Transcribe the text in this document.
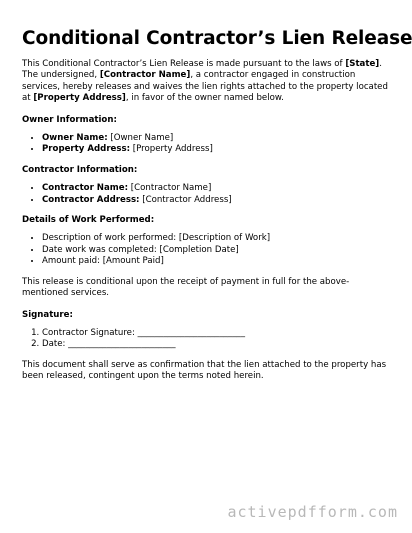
Conditional Contractor’s Lien Release

This Conditional Contractor’s Lien Release is made pursuant to the laws of [State]. The undersigned, [Contractor Name], a contractor engaged in construction services, hereby releases and waives the lien rights attached to the property located at [Property Address], in favor of the owner named below.

Owner Information:
• Owner Name: [Owner Name]
• Property Address: [Property Address]
Contractor Information:
• Contractor Name: [Contractor Name]
• Contractor Address: [Contractor Address]
Details of Work Performed:
• Description of work performed: [Description of Work]
• Date work was completed: [Completion Date]
• Amount paid: [Amount Paid]

This release is conditional upon the receipt of payment in full for the above-mentioned services.

Signature:
1. Contractor Signature: _________________________
2. Date: _________________________

This document shall serve as confirmation that the lien attached to the property has been released, contingent upon the terms noted herein.

activepdfform.com
